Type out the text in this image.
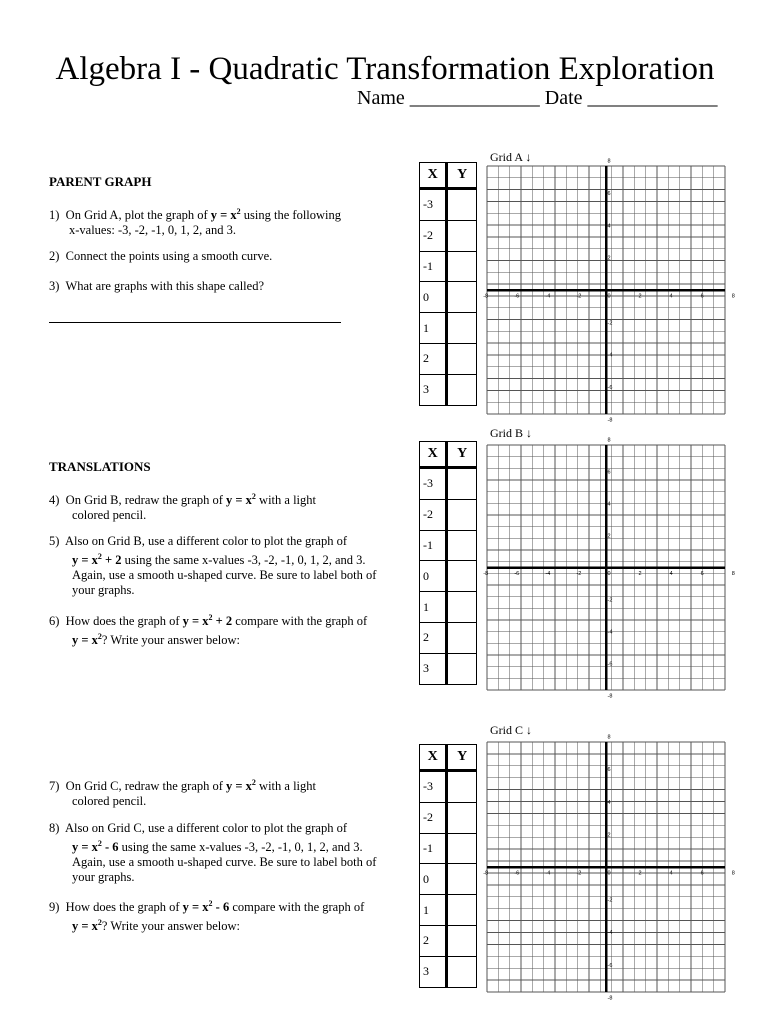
Algebra I - Quadratic Transformation Exploration
Name _____________ Date _____________
PARENT GRAPH
1) On Grid A, plot the graph of $y = x^2$ using the following
x-values: -3, -2, -1, 0, 1, 2, and 3.
2) Connect the points using a smooth curve.
3)  What are graphs with this shape called?
TRANSLATIONS
4) On Grid B, redraw the graph of $y = x^2$ with a light
colored pencil.
5) Also on Grid B, use a different color to plot the graph of
$y = x^2 + 2$ using the same x-values -3, -2, -1, 0, 1, 2, and 3.
Again, use a smooth u-shaped curve. Be sure to label both of
your graphs.
6) How does the graph of $y = x^2 + 2$ compare with the graph of
$y = x^2$? Write your answer below:
7) On Grid C, redraw the graph of $y = x^2$ with a light
colored pencil.
8) Also on Grid C, use a different color to plot the graph of
$y = x^2 - 6$ using the same x-values -3, -2, -1, 0, 1, 2, and 3.
Again, use a smooth u-shaped curve. Be sure to label both of
your graphs.
9) How does the graph of $y = x^2 - 6$ compare with the graph of
$y = x^2$? Write your answer below:
Grid A ↓
Grid B ↓
Grid C ↓
X	Y
-3	
-2	
-1	
0	
1	
2	
3	
X	Y
-3	
-2	
-1	
0	
1	
2	
3	
X	Y
-3	
-2	
-1	
0	
1	
2	
3	
-8	-6	-4	-2	0	2	4	6	8
8
6
4
2
-2
-4
-6
-8
-8	-6	-4	-2	0	2	4	6	8
8
6
4
2
-2
-4
-6
-8
-8	-6	-4	-2	0	2	4	6	8
8
6
4
2
-2
-4
-6
-8
